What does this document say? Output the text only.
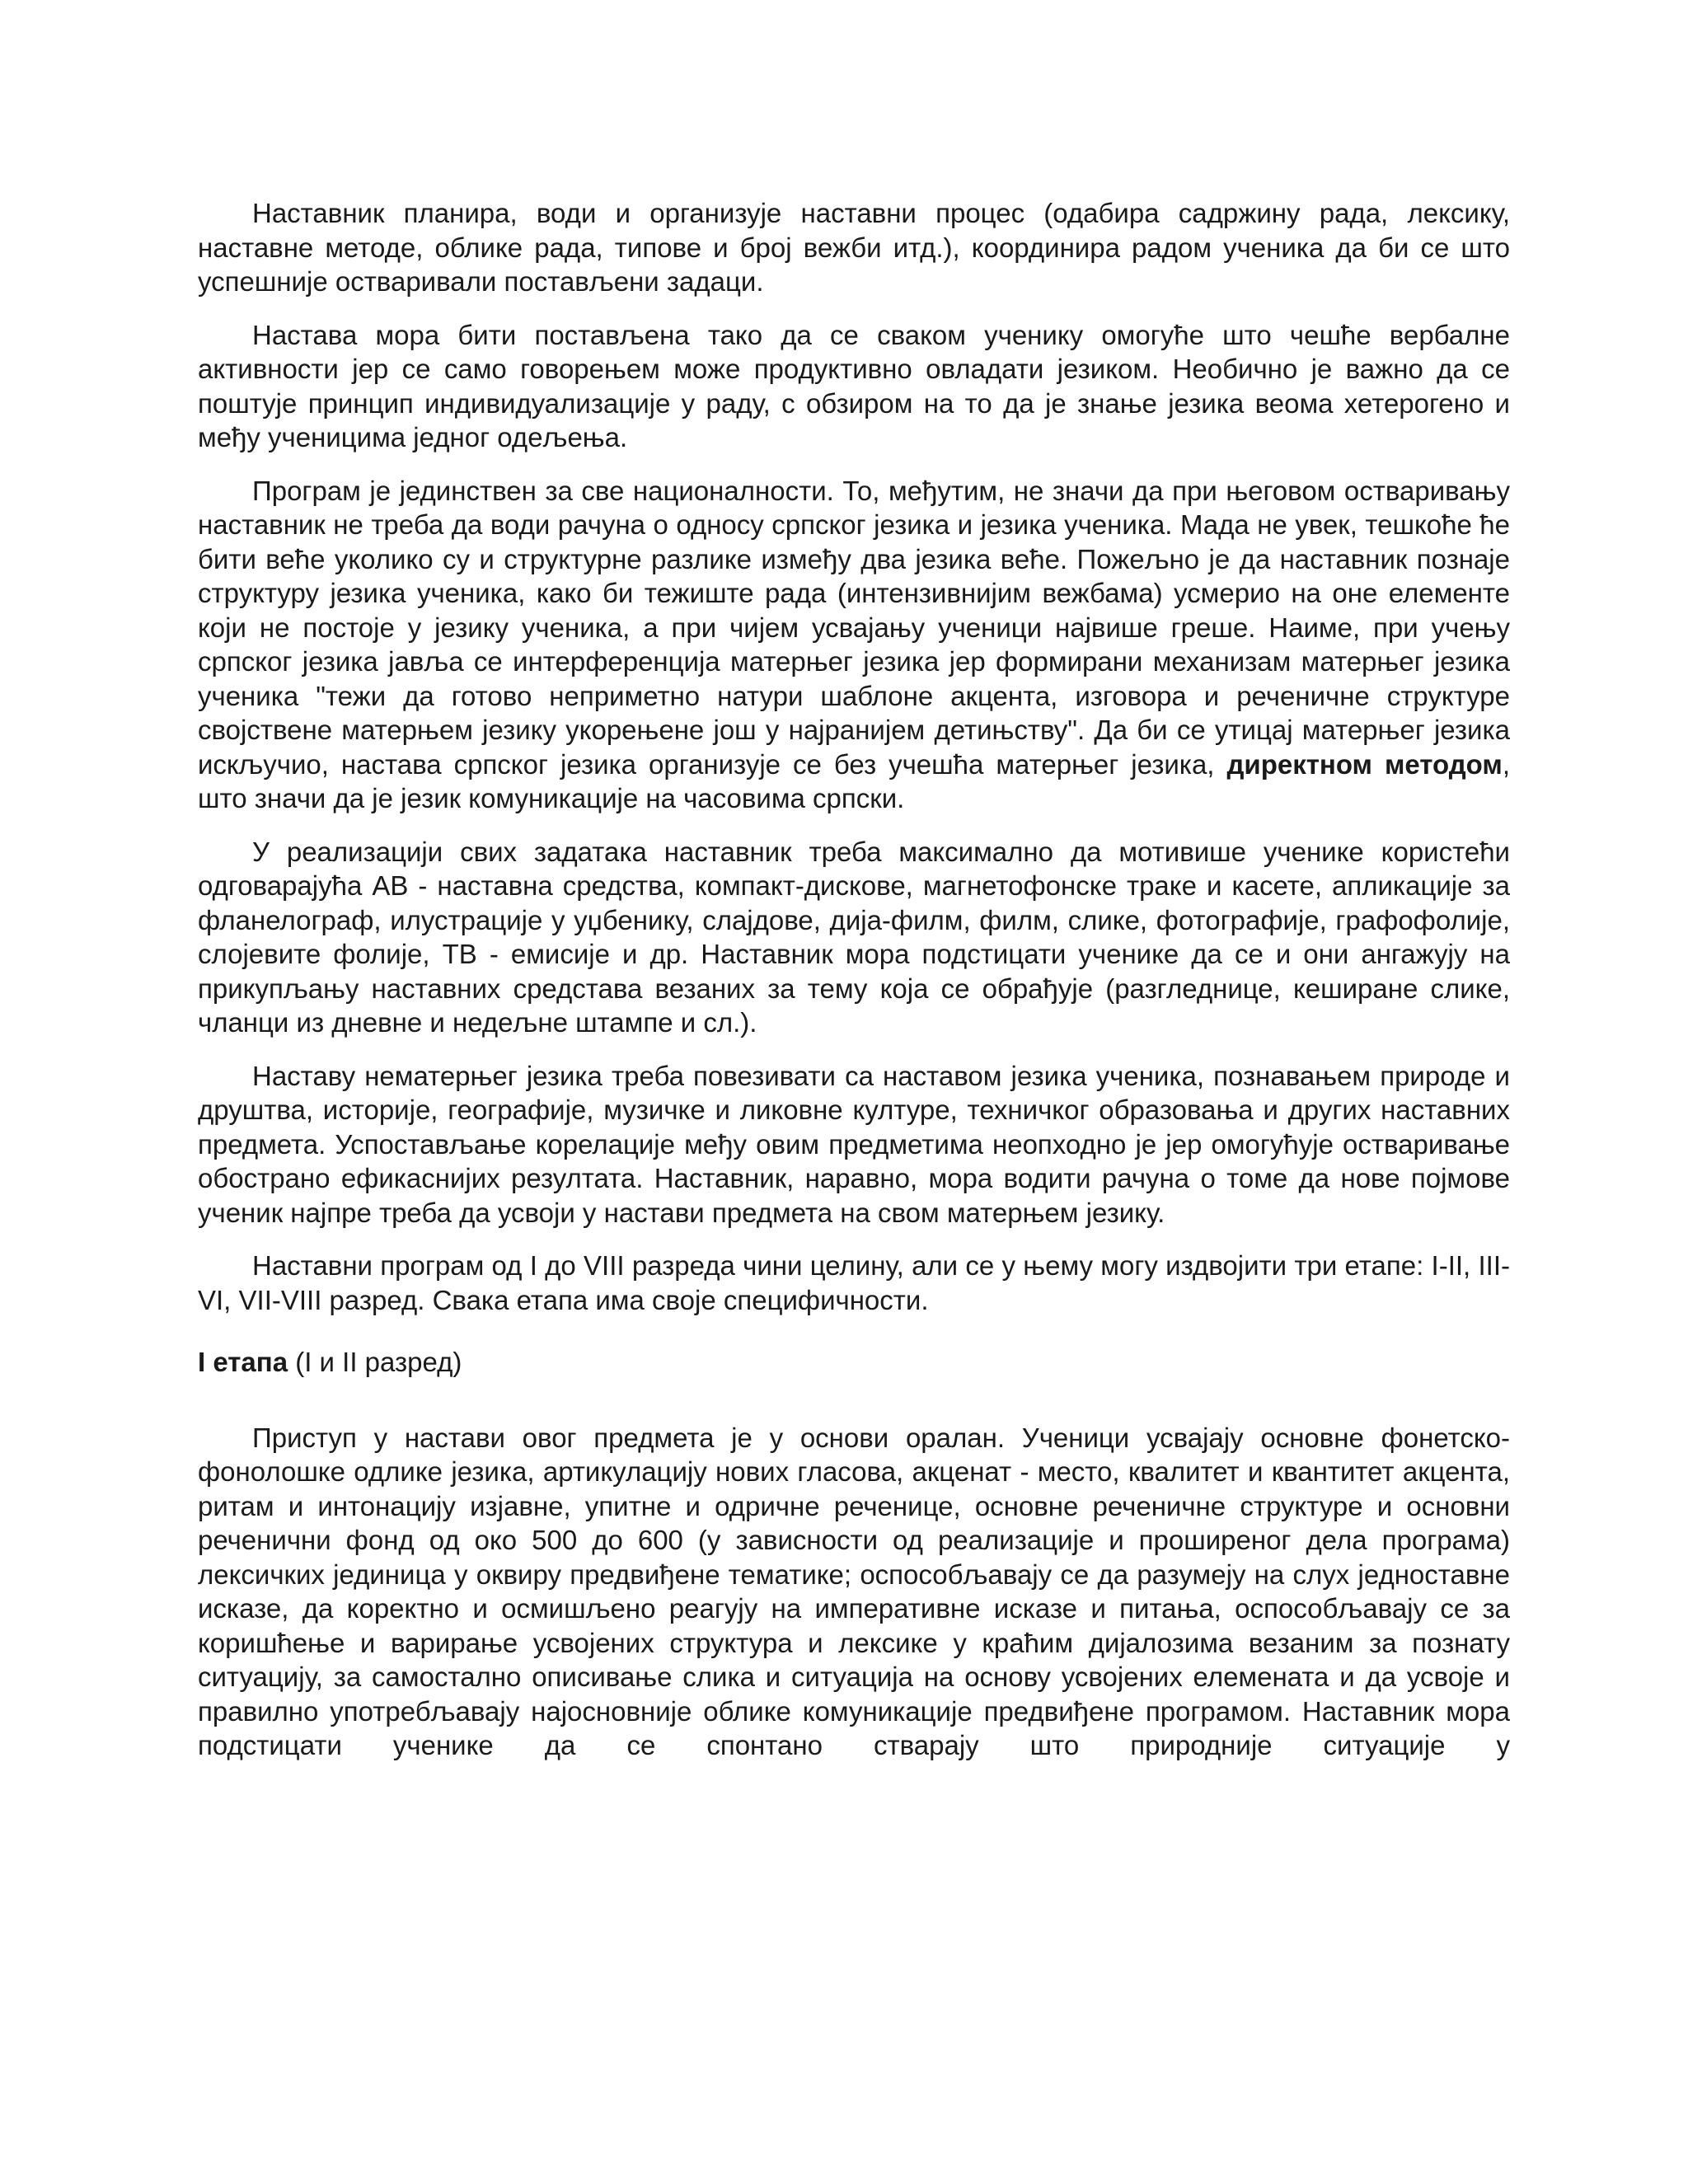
Наставник планира, води и организује наставни процес (одабира садржину рада, лексику, наставне методе, облике рада, типове и број вежби итд.), координира радом ученика да би се што успешније остваривали постављени задаци.

Настава мора бити постављена тако да се сваком ученику омогуће што чешће вербалне активности јер се само говорењем може продуктивно овладати језиком. Необично је важно да се поштује принцип индивидуализације у раду, с обзиром на то да је знање језика веома хетерогено и међу ученицима једног одељења.

Програм је јединствен за све националности. То, међутим, не значи да при његовом остваривању наставник не треба да води рачуна о односу српског језика и језика ученика. Мада не увек, тешкоће ће бити веће уколико су и структурне разлике између два језика веће. Пожељно је да наставник познаје структуру језика ученика, како би тежиште рада (интензивнијим вежбама) усмерио на оне елементе који не постоје у језику ученика, а при чијем усвајању ученици највише греше. Наиме, при учењу српског језика јавља се интерференција матерњег језика јер формирани механизам матерњег језика ученика "тежи да готово неприметно натури шаблоне акцента, изговора и реченичне структуре својствене матерњем језику укорењене још у најранијем детињству". Да би се утицај матерњег језика искључио, настава српског језика организује се без учешћа матерњег језика, директном методом, што значи да је језик комуникације на часовима српски.

У реализацији свих задатака наставник треба максимално да мотивише ученике користећи одговарајућа АВ - наставна средства, компакт-дискове, магнетофонске траке и касете, апликације за фланелограф, илустрације у уџбенику, слајдове, дија-филм, филм, слике, фотографије, графофолије, слојевите фолије, ТВ - емисије и др. Наставник мора подстицати ученике да се и они ангажују на прикупљању наставних средстава везаних за тему која се обрађује (разгледнице, кеширане слике, чланци из дневне и недељне штампе и сл.).

Наставу нематерњег језика треба повезивати са наставом језика ученика, познавањем природе и друштва, историје, географије, музичке и ликовне културе, техничког образовања и других наставних предмета. Успостављање корелације међу овим предметима неопходно је јер омогућује остваривање обострано ефикаснијих резултата. Наставник, наравно, мора водити рачуна о томе да нове појмове ученик најпре треба да усвоји у настави предмета на свом матерњем језику.

Наставни програм од I до VIII разреда чини целину, али се у њему могу издвојити три етапе: I-II, III-VI, VII-VIII разред. Свака етапа има своје специфичности.

I етапа (I и II разред)

Приступ у настави овог предмета је у основи оралан. Ученици усвајају основне фонетско-фонолошке одлике језика, артикулацију нових гласова, акценат - место, квалитет и квантитет акцента, ритам и интонацију изјавне, упитне и одричне реченице, основне реченичне структуре и основни реченични фонд од око 500 до 600 (у зависности од реализације и проширеног дела програма) лексичких јединица у оквиру предвиђене тематике; оспособљавају се да разумеју на слух једноставне исказе, да коректно и осмишљено реагују на императивне исказе и питања, оспособљавају се за коришћење и варирање усвојених структура и лексике у краћим дијалозима везаним за познату ситуацију, за самостално описивање слика и ситуација на основу усвојених елемената и да усвоје и правилно употребљавају најосновније облике комуникације предвиђене програмом. Наставник мора подстицати ученике да се спонтано стварају што природније ситуације у
